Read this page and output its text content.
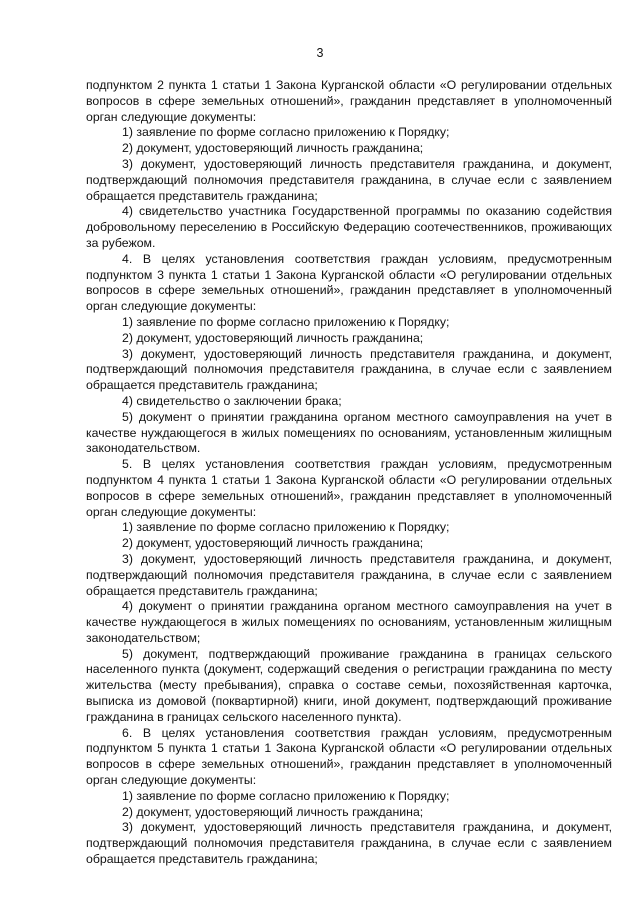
3

подпунктом 2 пункта 1 статьи 1 Закона Курганской области «О регулировании отдельных вопросов в сфере земельных отношений», гражданин представляет в уполномоченный орган следующие документы:

1) заявление по форме согласно приложению к Порядку;

2) документ, удостоверяющий личность гражданина;

3) документ, удостоверяющий личность представителя гражданина, и документ, подтверждающий полномочия представителя гражданина, в случае если с заявлением обращается представитель гражданина;

4) свидетельство участника Государственной программы по оказанию содействия добровольному переселению в Российскую Федерацию соотечественников, проживающих за рубежом.

4. В целях установления соответствия граждан условиям, предусмотренным подпунктом 3 пункта 1 статьи 1 Закона Курганской области «О регулировании отдельных вопросов в сфере земельных отношений», гражданин представляет в уполномоченный орган следующие документы:

1) заявление по форме согласно приложению к Порядку;

2) документ, удостоверяющий личность гражданина;

3) документ, удостоверяющий личность представителя гражданина, и документ, подтверждающий полномочия представителя гражданина, в случае если с заявлением обращается представитель гражданина;

4) свидетельство о заключении брака;

5) документ о принятии гражданина органом местного самоуправления на учет в качестве нуждающегося в жилых помещениях по основаниям, установленным жилищным законодательством.

5. В целях установления соответствия граждан условиям, предусмотренным подпунктом 4 пункта 1 статьи 1 Закона Курганской области «О регулировании отдельных вопросов в сфере земельных отношений», гражданин представляет в уполномоченный орган следующие документы:

1) заявление по форме согласно приложению к Порядку;

2) документ, удостоверяющий личность гражданина;

3) документ, удостоверяющий личность представителя гражданина, и документ, подтверждающий полномочия представителя гражданина, в случае если с заявлением обращается представитель гражданина;

4) документ о принятии гражданина органом местного самоуправления на учет в качестве нуждающегося в жилых помещениях по основаниям, установленным жилищным законодательством;

5) документ, подтверждающий проживание гражданина в границах сельского населенного пункта (документ, содержащий сведения о регистрации гражданина по месту жительства (месту пребывания), справка о составе семьи, похозяйственная карточка, выписка из домовой (поквартирной) книги, иной документ, подтверждающий проживание гражданина в границах сельского населенного пункта).

6. В целях установления соответствия граждан условиям, предусмотренным подпунктом 5 пункта 1 статьи 1 Закона Курганской области «О регулировании отдельных вопросов в сфере земельных отношений», гражданин представляет в уполномоченный орган следующие документы:

1) заявление по форме согласно приложению к Порядку;

2) документ, удостоверяющий личность гражданина;

3) документ, удостоверяющий личность представителя гражданина, и документ, подтверждающий полномочия представителя гражданина, в случае если с заявлением обращается представитель гражданина;
